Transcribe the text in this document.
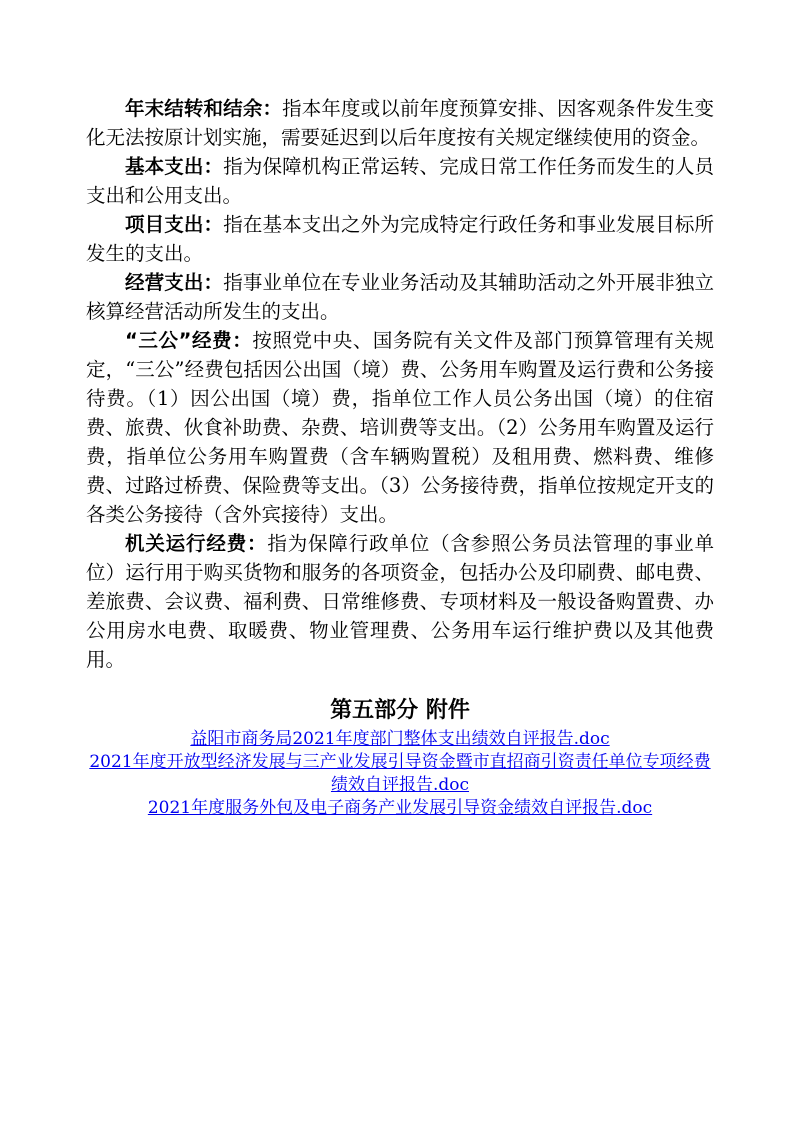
年末结转和结余：指本年度或以前年度预算安排、因客观条件发生变化无法按原计划实施，需要延迟到以后年度按有关规定继续使用的资金。

基本支出：指为保障机构正常运转、完成日常工作任务而发生的人员支出和公用支出。

项目支出：指在基本支出之外为完成特定行政任务和事业发展目标所发生的支出。

经营支出：指事业单位在专业业务活动及其辅助活动之外开展非独立核算经营活动所发生的支出。

“三公”经费：按照党中央、国务院有关文件及部门预算管理有关规定，“三公”经费包括因公出国（境）费、公务用车购置及运行费和公务接待费。（1）因公出国（境）费，指单位工作人员公务出国（境）的住宿费、旅费、伙食补助费、杂费、培训费等支出。（2）公务用车购置及运行费，指单位公务用车购置费（含车辆购置税）及租用费、燃料费、维修费、过路过桥费、保险费等支出。（3）公务接待费，指单位按规定开支的各类公务接待（含外宾接待）支出。

机关运行经费：指为保障行政单位（含参照公务员法管理的事业单位）运行用于购买货物和服务的各项资金，包括办公及印刷费、邮电费、差旅费、会议费、福利费、日常维修费、专项材料及一般设备购置费、办公用房水电费、取暖费、物业管理费、公务用车运行维护费以及其他费用。

第五部分 附件
益阳市商务局2021年度部门整体支出绩效自评报告.doc
2021年度开放型经济发展与三产业发展引导资金暨市直招商引资责任单位专项经费绩效自评报告.doc
2021年度服务外包及电子商务产业发展引导资金绩效自评报告.doc
